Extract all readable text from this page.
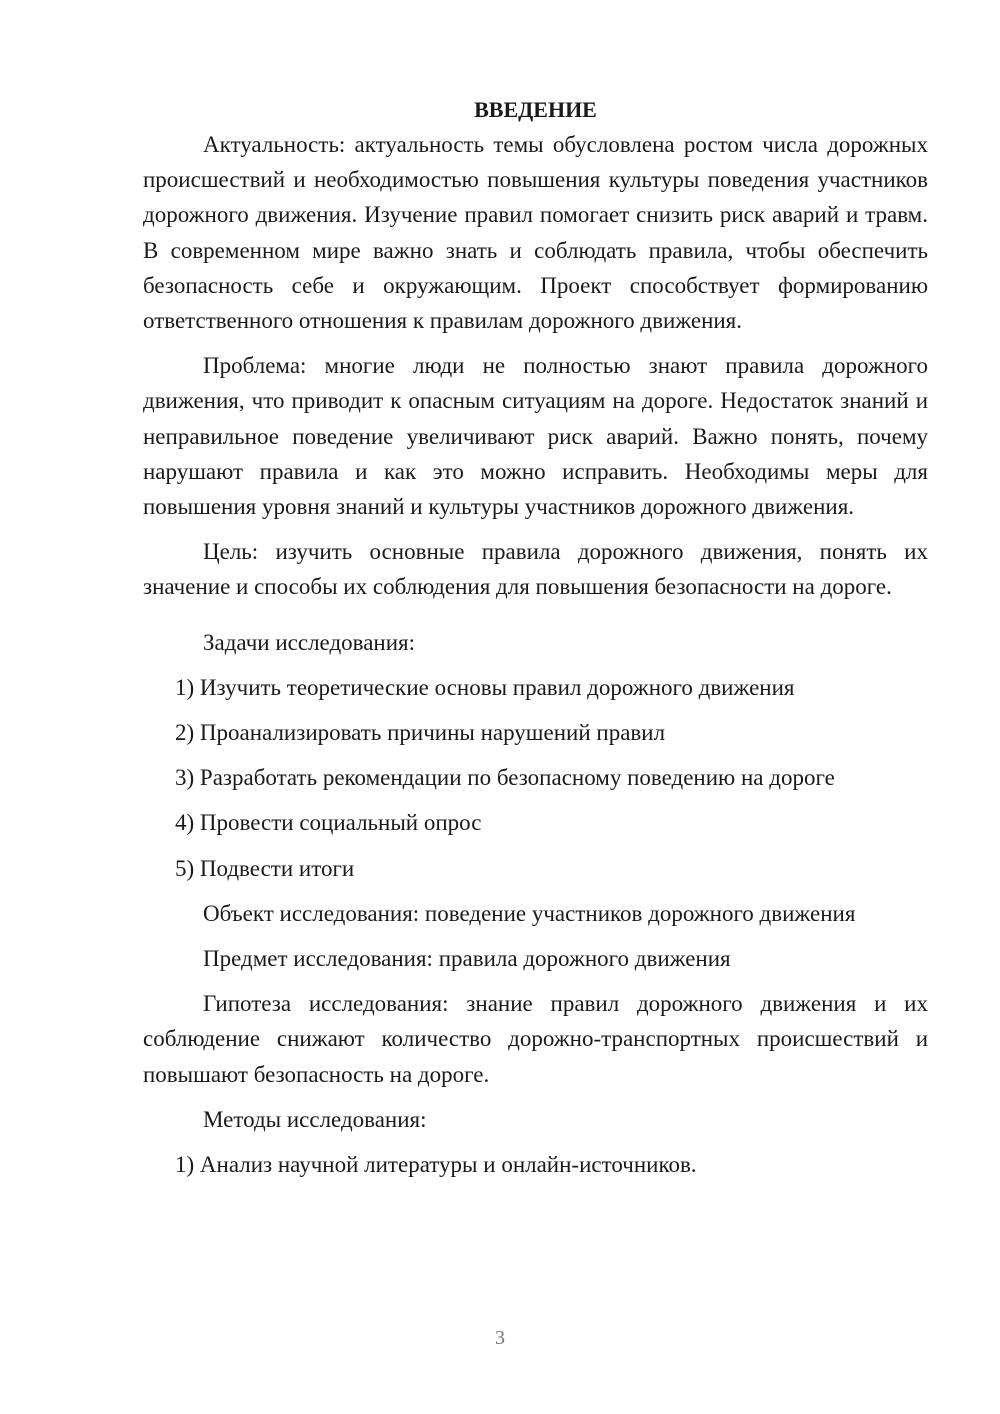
ВВЕДЕНИЕ

Актуальность: актуальность темы обусловлена ростом числа дорожных происшествий и необходимостью повышения культуры поведения участников дорожного движения. Изучение правил помогает снизить риск аварий и травм. В современном мире важно знать и соблюдать правила, чтобы обеспечить безопасность себе и окружающим. Проект способствует формированию ответственного отношения к правилам дорожного движения.

Проблема: многие люди не полностью знают правила дорожного движения, что приводит к опасным ситуациям на дороге. Недостаток знаний и неправильное поведение увеличивают риск аварий. Важно понять, почему нарушают правила и как это можно исправить. Необходимы меры для повышения уровня знаний и культуры участников дорожного движения.

Цель: изучить основные правила дорожного движения, понять их значение и способы их соблюдения для повышения безопасности на дороге.

Задачи исследования:

1) Изучить теоретические основы правил дорожного движения

2) Проанализировать причины нарушений правил

3) Разработать рекомендации по безопасному поведению на дороге

4) Провести социальный опрос

5) Подвести итоги

Объект исследования: поведение участников дорожного движения

Предмет исследования: правила дорожного движения

Гипотеза исследования: знание правил дорожного движения и их соблюдение снижают количество дорожно-транспортных происшествий и повышают безопасность на дороге.

Методы исследования:

1) Анализ научной литературы и онлайн-источников.

3
